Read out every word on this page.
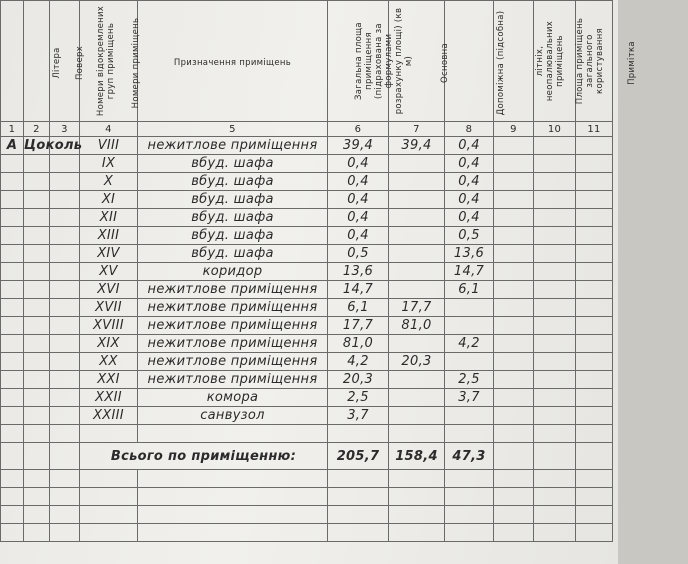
Літера	Поверх	Номери відокремлених груп приміщень	Номери приміщень	Призначення приміщень	Загальна площа приміщення (підрахована за формулами розрахунку площі) (кв м)	Основна	Допоміжна (підсобна)	літніх, неопалювальних приміщень	Площа приміщень загального користування	Примітка
1	2	3	4	5	6	7	8	9	10	11
А	Цоколь		VIII	нежитлове приміщення	39,4	39,4	0,4			
			IX	вбуд. шафа	0,4		0,4			
			X	вбуд. шафа	0,4		0,4			
			XI	вбуд. шафа	0,4		0,4			
			XII	вбуд. шафа	0,4		0,4			
			XIII	вбуд. шафа	0,4		0,5			
			XIV	вбуд. шафа	0,5		13,6			
			XV	коридор	13,6		14,7			
			XVI	нежитлове приміщення	14,7		6,1			
			XVII	нежитлове приміщення	6,1	17,7				
			XVIII	нежитлове приміщення	17,7	81,0				
			XIX	нежитлове приміщення	81,0		4,2			
			XX	нежитлове приміщення	4,2	20,3				
			XXI	нежитлове приміщення	20,3		2,5			
			XXII	комора	2,5		3,7			
			XXIII	санвузол	3,7					

			Всього по приміщенню:		205,7	158,4	47,3			
